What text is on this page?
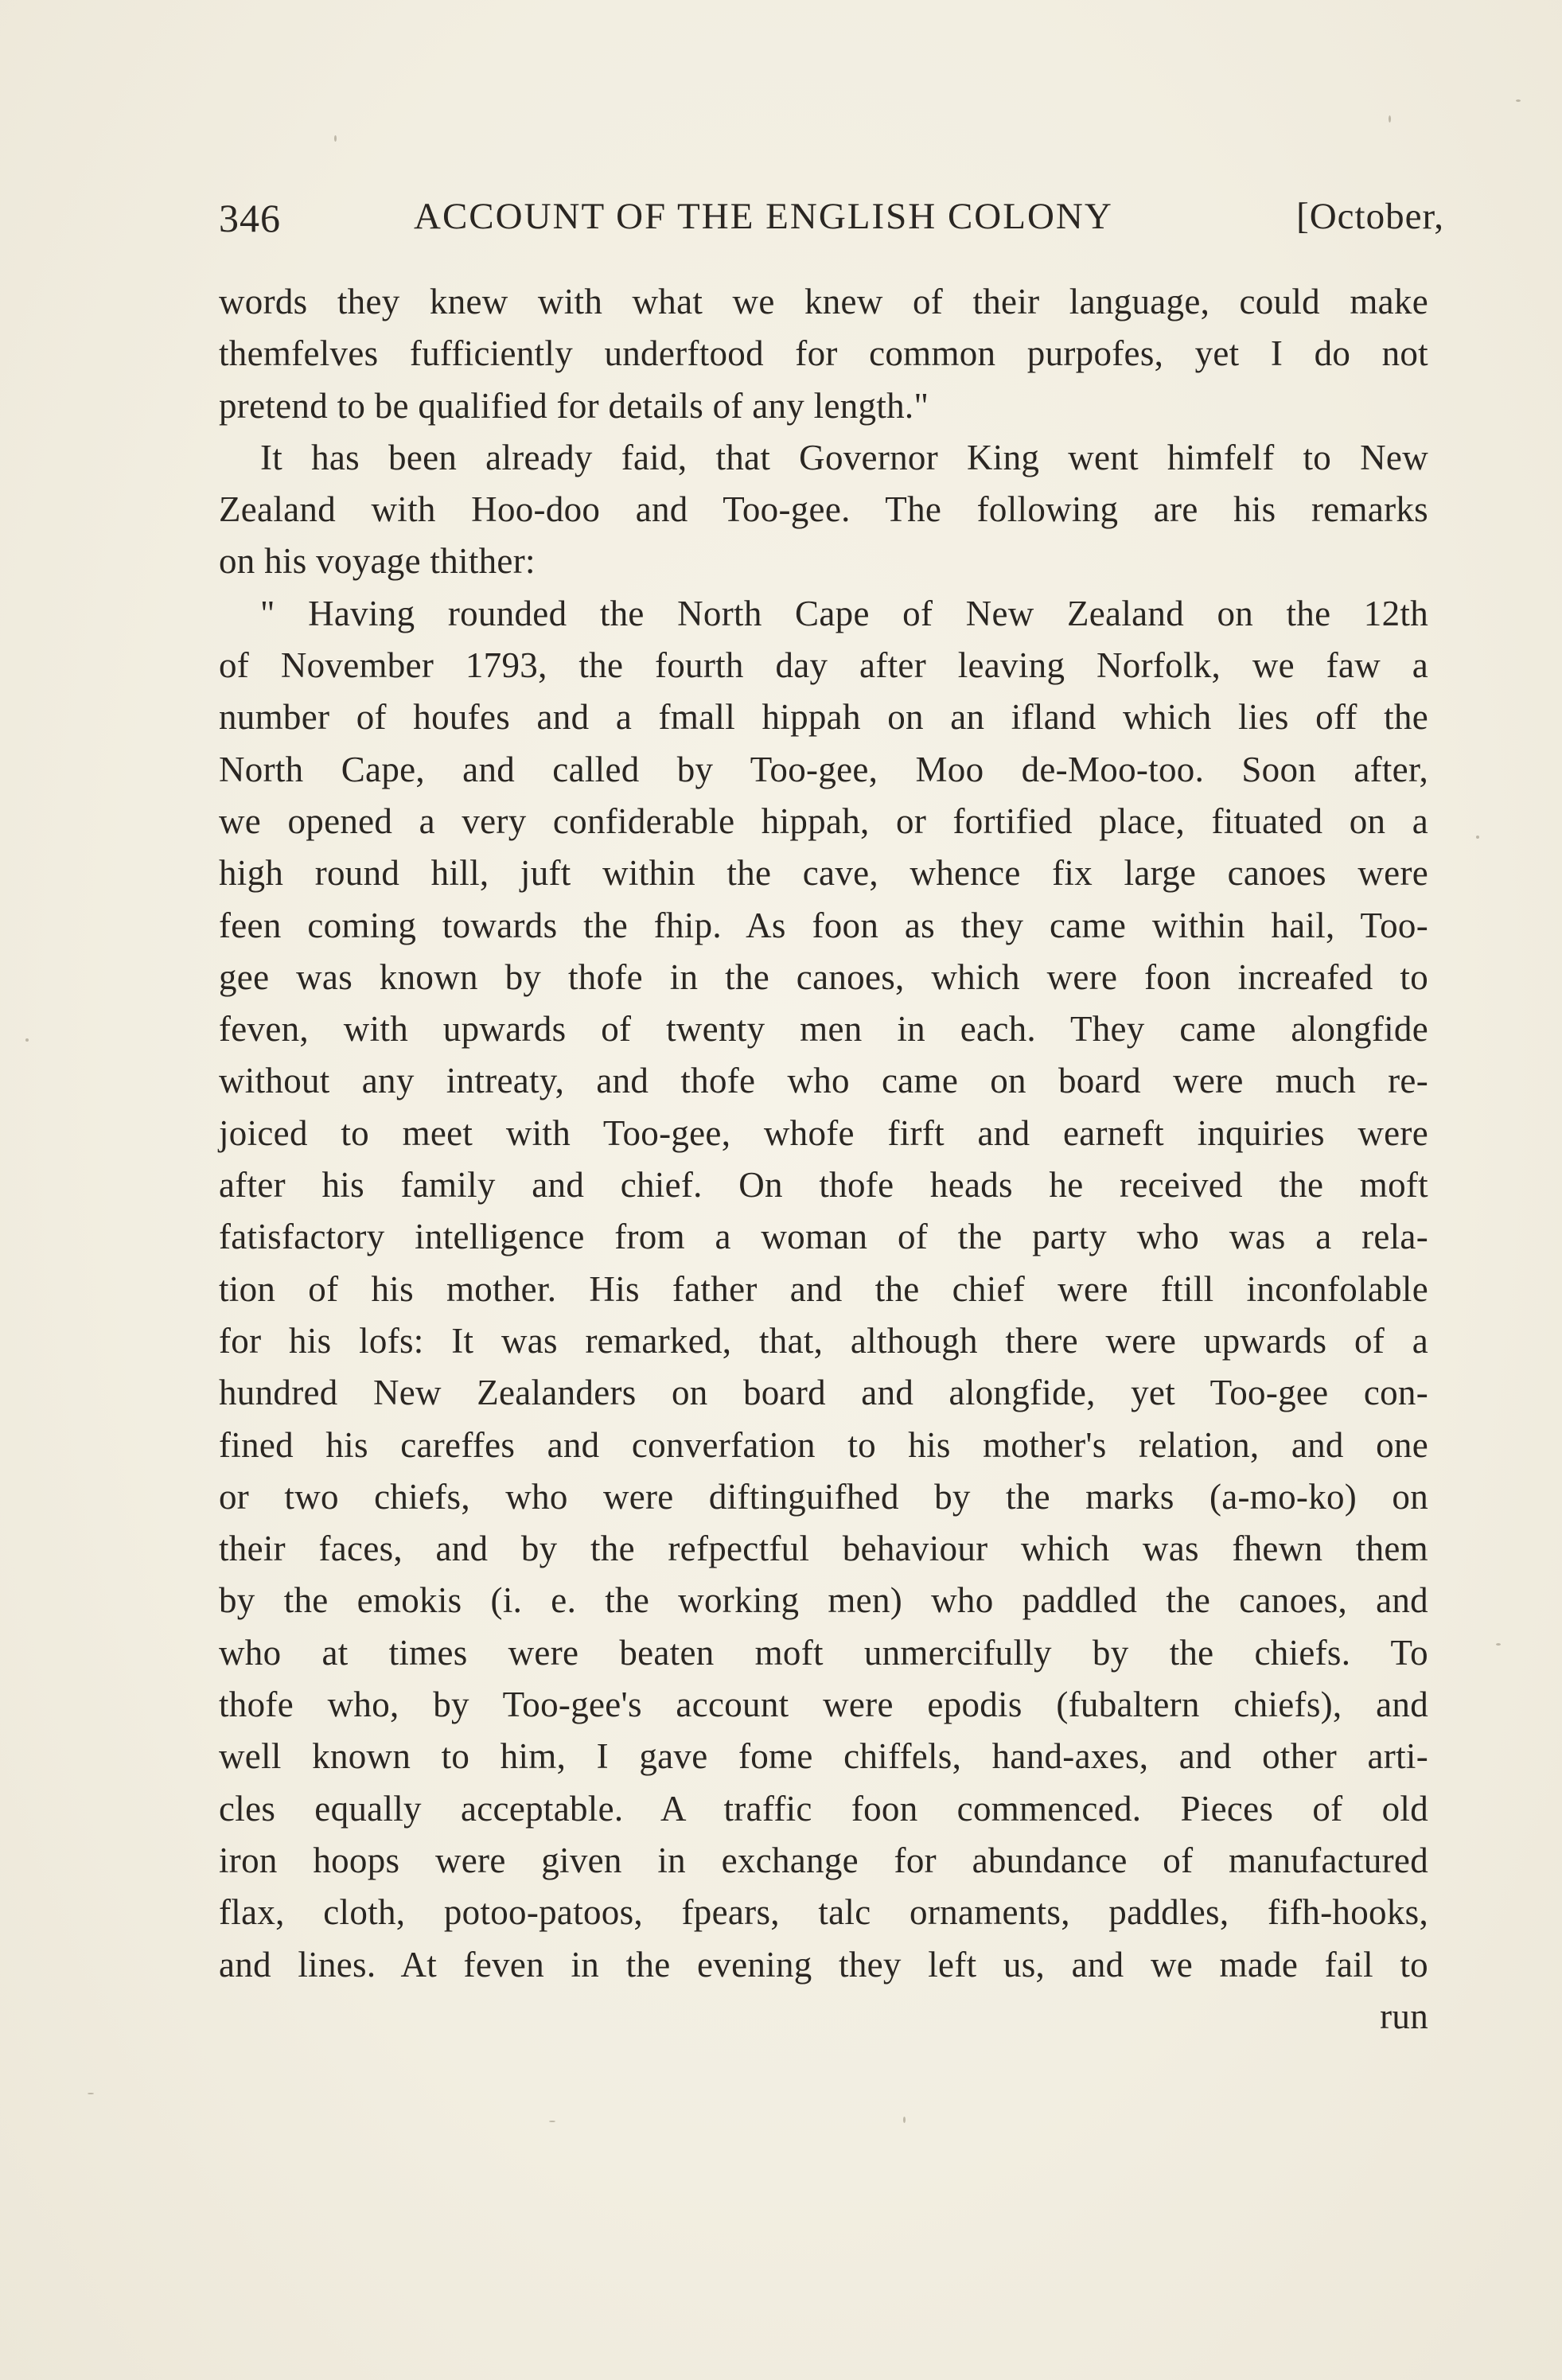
346	ACCOUNT OF THE ENGLISH COLONY	[October,
words they knew with what we knew of their language, could make
themfelves fufficiently underftood for common purpofes, yet I do not
pretend to be qualified for details of any length."
It has been already faid, that Governor King went himfelf to New
Zealand with Hoo-doo and Too-gee. The following are his remarks
on his voyage thither:
" Having rounded the North Cape of New Zealand on the 12th
of November 1793, the fourth day after leaving Norfolk, we faw a
number of houfes and a fmall hippah on an ifland which lies off the
North Cape, and called by Too-gee, Moo de-Moo-too. Soon after,
we opened a very confiderable hippah, or fortified place, fituated on a
high round hill, juft within the cave, whence fix large canoes were
feen coming towards the fhip. As foon as they came within hail, Too-
gee was known by thofe in the canoes, which were foon increafed to
feven, with upwards of twenty men in each. They came alongfide
without any intreaty, and thofe who came on board were much re-
joiced to meet with Too-gee, whofe firft and earneft inquiries were
after his family and chief. On thofe heads he received the moft
fatisfactory intelligence from a woman of the party who was a rela-
tion of his mother. His father and the chief were ftill inconfolable
for his lofs: It was remarked, that, although there were upwards of a
hundred New Zealanders on board and alongfide, yet Too-gee con-
fined his careffes and converfation to his mother's relation, and one
or two chiefs, who were diftinguifhed by the marks (a-mo-ko) on
their faces, and by the refpectful behaviour which was fhewn them
by the emokis (i. e. the working men) who paddled the canoes, and
who at times were beaten moft unmercifully by the chiefs. To
thofe who, by Too-gee's account were epodis (fubaltern chiefs), and
well known to him, I gave fome chiffels, hand-axes, and other arti-
cles equally acceptable. A traffic foon commenced. Pieces of old
iron hoops were given in exchange for abundance of manufactured
flax, cloth, potoo-patoos, fpears, talc ornaments, paddles, fifh-hooks,
and lines. At feven in the evening they left us, and we made fail to
run
